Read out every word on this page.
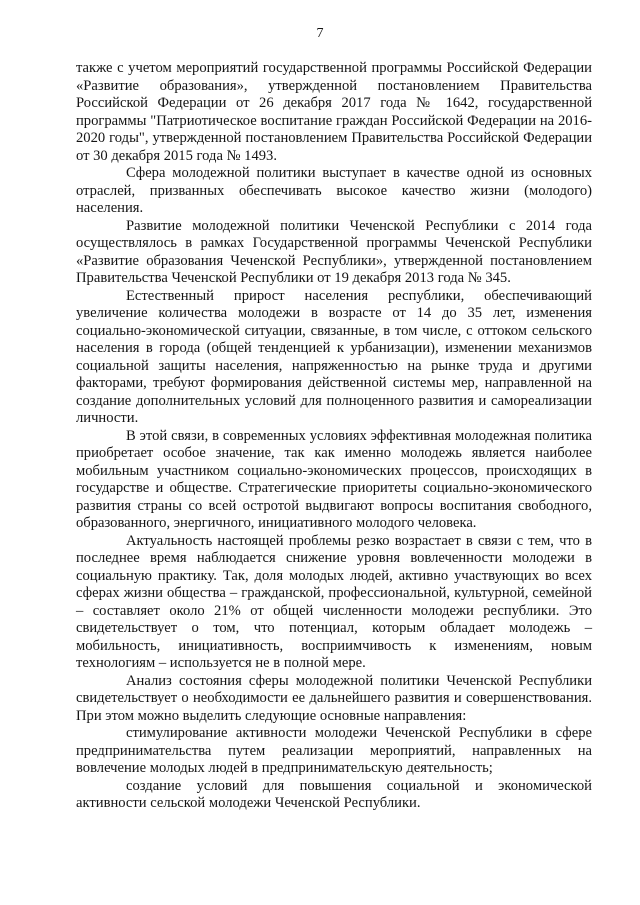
7

также с учетом мероприятий государственной программы Российской Федерации «Развитие образования», утвержденной постановлением Правительства Российской Федерации от 26 декабря 2017 года № 1642, государственной программы "Патриотическое воспитание граждан Российской Федерации на 2016-2020 годы", утвержденной постановлением Правительства Российской Федерации от 30 декабря 2015 года № 1493.

Сфера молодежной политики выступает в качестве одной из основных отраслей, призванных обеспечивать высокое качество жизни (молодого) населения.

Развитие молодежной политики Чеченской Республики с 2014 года осуществлялось в рамках Государственной программы Чеченской Республики «Развитие образования Чеченской Республики», утвержденной постановлением Правительства Чеченской Республики от 19 декабря 2013 года № 345.

Естественный прирост населения республики, обеспечивающий увеличение количества молодежи в возрасте от 14 до 35 лет, изменения социально-экономической ситуации, связанные, в том числе, с оттоком сельского населения в города (общей тенденцией к урбанизации), изменении механизмов социальной защиты населения, напряженностью на рынке труда и другими факторами, требуют формирования действенной системы мер, направленной на создание дополнительных условий для полноценного развития и самореализации личности.

В этой связи, в современных условиях эффективная молодежная политика приобретает особое значение, так как именно молодежь является наиболее мобильным участником социально-экономических процессов, происходящих в государстве и обществе. Стратегические приоритеты социально-экономического развития страны со всей остротой выдвигают вопросы воспитания свободного, образованного, энергичного, инициативного молодого человека.

Актуальность настоящей проблемы резко возрастает в связи с тем, что в последнее время наблюдается снижение уровня вовлеченности молодежи в социальную практику. Так, доля молодых людей, активно участвующих во всех сферах жизни общества – гражданской, профессиональной, культурной, семейной – составляет около 21% от общей численности молодежи республики. Это свидетельствует о том, что потенциал, которым обладает молодежь – мобильность, инициативность, восприимчивость к изменениям, новым технологиям – используется не в полной мере.

Анализ состояния сферы молодежной политики Чеченской Республики свидетельствует о необходимости ее дальнейшего развития и совершенствования. При этом можно выделить следующие основные направления:

стимулирование активности молодежи Чеченской Республики в сфере предпринимательства путем реализации мероприятий, направленных на вовлечение молодых людей в предпринимательскую деятельность;

создание условий для повышения социальной и экономической активности сельской молодежи Чеченской Республики.
